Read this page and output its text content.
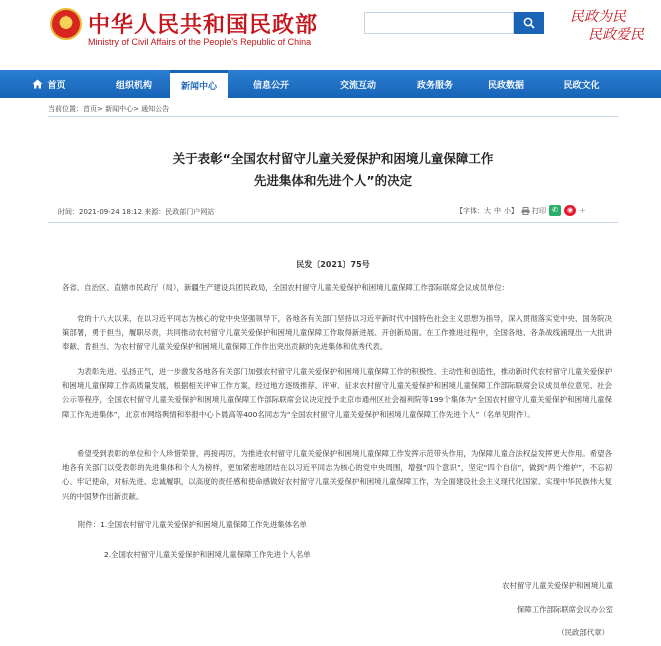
★ 中华人民共和国民政部
Ministry of Civil Affairs of the People's Republic of China
民政为民
民政爱民
首页	组织机构	新闻中心	信息公开	交流互动	政务服务	民政数据	民政文化
当前位置：首页> 新闻中心> 通知公告
关于表彰“全国农村留守儿童关爱保护和困境儿童保障工作
先进集体和先进个人”的决定
时间：2021-09-24 18:12 来源：民政部门户网站	【字体： 大 中 小 】 打印 ✆	◉ +
民发〔2021〕75号
各省、自治区、直辖市民政厅（局），新疆生产建设兵团民政局，全国农村留守儿童关爱保护和困境儿童保障工作部际联席会议成员单位：
党的十八大以来，在以习近平同志为核心的党中央坚强领导下，各地各有关部门坚持以习近平新时代中国特色社会主义思想为指导，深入贯彻落实党中央、国务院决策部署，勇于担当，履职尽责，共同推动农村留守儿童关爱保护和困境儿童保障工作取得新进展、开创新局面。在工作推进过程中，全国各地、各条战线涌现出一大批讲奉献、肯担当、为农村留守儿童关爱保护和困境儿童保障工作作出突出贡献的先进集体和优秀代表。
为表彰先进、弘扬正气，进一步激发各地各有关部门加强农村留守儿童关爱保护和困境儿童保障工作的积极性、主动性和创造性，推动新时代农村留守儿童关爱保护和困境儿童保障工作高质量发展，根据相关评审工作方案，经过地方逐级推荐、评审、征求农村留守儿童关爱保护和困境儿童保障工作部际联席会议成员单位意见、社会公示等程序，全国农村留守儿童关爱保护和困境儿童保障工作部际联席会议决定授予北京市通州区社会福利院等199个集体为“全国农村留守儿童关爱保护和困境儿童保障工作先进集体”，北京市网络舆情和举报中心卜晨高等400名同志为“全国农村留守儿童关爱保护和困境儿童保障工作先进个人”（名单见附件）。
希望受到表彰的单位和个人珍惜荣誉，再接再厉，为推进农村留守儿童关爱保护和困境儿童保障工作发挥示范带头作用，为保障儿童合法权益发挥更大作用。希望各地各有关部门以受表彰的先进集体和个人为榜样，更加紧密地团结在以习近平同志为核心的党中央周围，增强“四个意识”，坚定“四个自信”，做到“两个维护”，不忘初心、牢记使命，对标先进、忠诚履职，以高度的责任感和使命感做好农村留守儿童关爱保护和困境儿童保障工作，为全面建设社会主义现代化国家、实现中华民族伟大复兴的中国梦作出新贡献。
附件：1.全国农村留守儿童关爱保护和困境儿童保障工作先进集体名单
2.全国农村留守儿童关爱保护和困境儿童保障工作先进个人名单
农村留守儿童关爱保护和困境儿童
保障工作部际联席会议办公室
（民政部代章）
